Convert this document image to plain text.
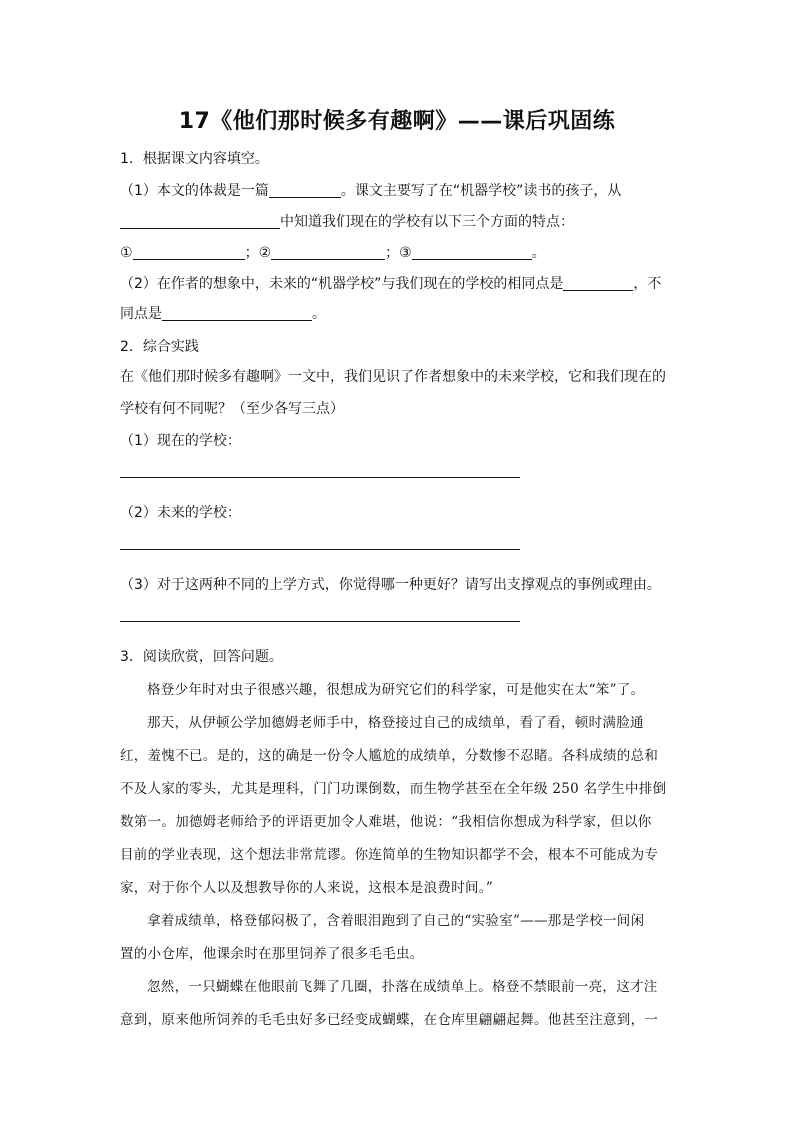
17《他们那时候多有趣啊》——课后巩固练
1．根据课文内容填空。
（1）本文的体裁是一篇	。课文主要写了在“机器学校”读书的孩子，从
中知道我们现在的学校有以下三个方面的特点：
①	；②	；③	。
（2）在作者的想象中，未来的“机器学校”与我们现在的学校的相同点是	，不
同点是	。
2．综合实践
在《他们那时候多有趣啊》一文中，我们见识了作者想象中的未来学校，它和我们现在的
学校有何不同呢？（至少各写三点）
（1）现在的学校：
（2）未来的学校：
（3）对于这两种不同的上学方式，你觉得哪一种更好？请写出支撑观点的事例或理由。
3．阅读欣赏，回答问题。
格登少年时对虫子很感兴趣，很想成为研究它们的科学家，可是他实在太“笨”了。
那天，从伊顿公学加德姆老师手中，格登接过自己的成绩单，看了看，顿时满脸通
红，羞愧不已。是的，这的确是一份令人尴尬的成绩单，分数惨不忍睹。各科成绩的总和
不及人家的零头，尤其是理科，门门功课倒数，而生物学甚至在全年级 250 名学生中排倒
数第一。加德姆老师给予的评语更加令人难堪，他说：“我相信你想成为科学家，但以你
目前的学业表现，这个想法非常荒谬。你连简单的生物知识都学不会，根本不可能成为专
家，对于你个人以及想教导你的人来说，这根本是浪费时间。”
拿着成绩单，格登郁闷极了，含着眼泪跑到了自己的“实验室”——那是学校一间闲
置的小仓库，他课余时在那里饲养了很多毛毛虫。
忽然，一只蝴蝶在他眼前飞舞了几圈，扑落在成绩单上。格登不禁眼前一亮，这才注
意到，原来他所饲养的毛毛虫好多已经变成蝴蝶，在仓库里翩翩起舞。他甚至注意到，一
